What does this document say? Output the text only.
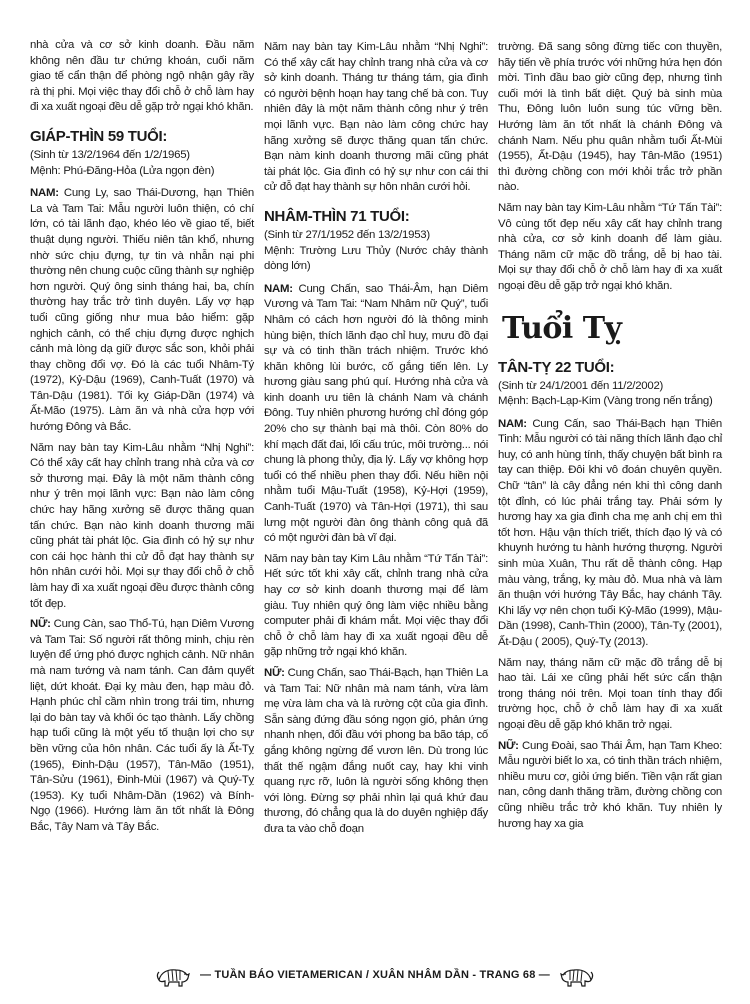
nhà cửa và cơ sở kinh doanh. Đầu năm không nên đầu tư chứng khoán, cuối năm giao tế cẩn thận để phòng ngộ nhận gây rầy rà thị phi. Mọi việc thay đổi chỗ ở chỗ làm hay đi xa xuất ngoại đều dễ gặp trở ngại khó khăn.

GIÁP-THÌN 59 TUỔI:

(Sinh từ 13/2/1964 đến 1/2/1965)

Mệnh: Phú-Đăng-Hỏa (Lửa ngọn đèn)

NAM: Cung Ly, sao Thái-Dương, hạn Thiên La và Tam Tai: Mẫu người luôn thiện, có chí lớn, có tài lãnh đạo, khéo léo về giao tế, biết thuật dụng người. Thiếu niên tân khổ, nhưng nhờ sức chịu đựng, tự tin và nhẫn nại phi thường nên chung cuộc cũng thành sự nghiệp hơn người. Quý ông sinh tháng hai, ba, chín thường hay trắc trở tình duyên. Lấy vợ hạp tuổi cũng giống như mua bảo hiểm: gặp nghịch cảnh, có thể chịu đựng được nghịch cảnh mà lòng dạ giữ được sắc son, khỏi phải thay chồng đổi vợ. Đó là các tuổi Nhâm-Tý (1972), Kỷ-Dậu (1969), Canh-Tuất (1970) và Tân-Dậu (1981). Tối kỵ Giáp-Dần (1974) và Ất-Mão (1975). Làm ăn và nhà cửa hợp với hướng Đông và Bắc.

Năm nay bàn tay Kim-Lâu nhằm “Nhị Nghi”: Có thể xây cất hay chỉnh trang nhà cửa và cơ sở thương mại. Đây là một năm thành công như ý trên mọi lãnh vực: Bạn nào làm công chức hay hãng xưởng sẽ được thăng quan tấn chức. Bạn nào kinh doanh thương mãi cũng phát tài phát lộc. Gia đình có hỷ sự như con cái học hành thi cử đỗ đạt hay thành sự hôn nhân cưới hỏi. Mọi sự thay đổi chỗ ở chỗ làm hay đi xa xuất ngoại đều được thành công tốt đẹp.

NỮ: Cung Càn, sao Thổ-Tú, hạn Diêm Vương và Tam Tai: Số người rất thông minh, chịu rèn luyện để ứng phó được nghịch cảnh. Nữ nhân mà nam tướng và nam tánh. Can đảm quyết liệt, dứt khoát. Đại kỵ màu đen, hạp màu đỏ. Hạnh phúc chỉ cầm nhìn trong trái tim, nhưng lại do bàn tay và khối óc tạo thành. Lấy chồng hạp tuổi cũng là một yếu tố thuận lợi cho sự bền vững của hôn nhân. Các tuổi ấy là Ất-Tỵ (1965), Đinh-Dậu (1957), Tân-Mão (1951), Tân-Sửu (1961), Đinh-Mùi (1967) và Quý-Tỵ (1953). Kỵ tuổi Nhâm-Dần (1962) và Bính-Ngọ (1966). Hướng làm ăn tốt nhất là Đông Bắc, Tây Nam và Tây Bắc.

Năm nay bàn tay Kim-Lâu nhằm “Nhị Nghi”: Có thể xây cất hay chỉnh trang nhà cửa và cơ sở kinh doanh. Tháng tư tháng tám, gia đình có người bệnh hoạn hay tang chế bà con. Tuy nhiên đây là một năm thành công như ý trên mọi lãnh vực. Bạn nào làm công chức hay hãng xưởng sẽ được thăng quan tấn chức. Bạn nàm kinh doanh thương mãi cũng phát tài phát lộc. Gia đình có hỷ sự như con cái thi cử đỗ đạt hay thành sự hôn nhân cưới hỏi.

NHÂM-THÌN 71 TUỔI:

(Sinh từ 27/1/1952 đến 13/2/1953)

Mệnh: Trường Lưu Thủy (Nước chảy thành dòng lớn)

NAM: Cung Chấn, sao Thái-Âm, hạn Diêm Vương và Tam Tai: “Nam Nhâm nữ Quý”, tuổi Nhâm có cách hơn người đó là thông minh hùng biện, thích lãnh đạo chỉ huy, mưu đồ đại sự và có tinh thần trách nhiệm. Trước khó khăn không lùi bước, cố gắng tiến lên. Ly hương giàu sang phú quí. Hướng nhà cửa và kinh doanh ưu tiên là chánh Nam và chánh Đông. Tuy nhiên phương hướng chỉ đóng góp 20% cho sự thành bại mà thôi. Còn 80% do khí mạch đất đai, lối cấu trúc, môi trường... nói chung là phong thủy, địa lý. Lấy vợ không hợp tuổi có thể nhiều phen thay đổi. Nếu hiền nội nhằm tuổi Mậu-Tuất (1958), Kỷ-Hợi (1959), Canh-Tuất (1970) và Tân-Hợi (1971), thì sau lưng một người đàn ông thành công quả đã có một người đàn bà vĩ đại.

Năm nay bàn tay Kim Lâu nhằm “Tứ Tấn Tài”: Hết sức tốt khi xây cất, chỉnh trang nhà cửa hay cơ sở kinh doanh thương mại để làm giàu. Tuy nhiên quý ông làm việc nhiều bằng computer phải đi khám mắt. Mọi việc thay đổi chỗ ở chỗ làm hay đi xa xuất ngoại đều dễ gặp những trở ngại khó khăn.

NỮ: Cung Chấn, sao Thái-Bạch, hạn Thiên La và Tam Tai: Nữ nhân mà nam tánh, vừa làm mẹ vừa làm cha và là rường cột của gia đình. Sẵn sàng đứng đầu sóng ngọn gió, phản ứng nhanh nhẹn, đối đầu với phong ba bão táp, cố gắng không ngừng để vươn lên. Dù trong lúc thất thế ngậm đắng nuốt cay, hay khi vinh quang rực rỡ, luôn là người sống không thẹn với lòng. Đừng sợ phải nhìn lại quá khứ đau thương, đó chẳng qua là do duyên nghiệp đẩy đưa ta vào chỗ đoạn

trường. Đã sang sông đừng tiếc con thuyền, hãy tiến về phía trước với những hứa hẹn đón mời. Tình đầu bao giờ cũng đẹp, nhưng tình cuối mới là tình bất diệt. Quý bà sinh mùa Thu, Đông luôn luôn sung túc vững bền. Hướng làm ăn tốt nhất là chánh Đông và chánh Nam. Nếu phu quân nhằm tuổi Ất-Mùi (1955), Ất-Dậu (1945), hay Tân-Mão (1951) thì đường chồng con mới khỏi trắc trở phần nào.

Năm nay bàn tay Kim-Lâu nhằm “Tứ Tấn Tài”: Vô cùng tốt đẹp nếu xây cất hay chỉnh trang nhà cửa, cơ sở kinh doanh để làm giàu. Tháng năm cữ mặc đồ trắng, dễ bị hao tài. Mọi sự thay đổi chỗ ở chỗ làm hay đi xa xuất ngoại đều dễ gặp trở ngại khó khăn.

Tuổi Tỵ
TÂN-TỴ 22 TUỔI:

(Sinh từ 24/1/2001 đến 11/2/2002)

Mệnh: Bạch-Lạp-Kim (Vàng trong nến trắng)

NAM: Cung Cấn, sao Thái-Bạch hạn Thiên Tinh: Mẫu người có tài năng thích lãnh đạo chỉ huy, có anh hùng tính, thấy chuyện bất bình ra tay can thiệp. Đôi khi vô đoán chuyên quyền. Chữ “tân” là cây đẳng nén khi thì công danh tột đỉnh, có lúc phải trắng tay. Phải sớm ly hương hay xa gia đình cha mẹ anh chị em thì tốt hơn. Hậu vận thích triết, thích đạo lý và có khuynh hướng tu hành hướng thượng. Người sinh mùa Xuân, Thu rất dễ thành công. Hạp màu vàng, trắng, kỵ màu đỏ. Mua nhà và làm ăn thuận với hướng Tây Bắc, hay chánh Tây. Khi lấy vợ nên chọn tuổi Kỷ-Mão (1999), Mậu-Dần (1998), Canh-Thìn (2000), Tân-Tỵ (2001), Ất-Dậu ( 2005), Quý-Tỵ (2013).

Năm nay, tháng năm cữ mặc đồ trắng dễ bị hao tài. Lái xe cũng phải hết sức cẩn thận trong tháng nói trên. Mọi toan tính thay đổi trường học, chỗ ở chỗ làm hay đi xa xuất ngoại đều dễ gặp khó khăn trở ngại.

NỮ: Cung Đoài, sao Thái Âm, hạn Tam Kheo: Mẫu người biết lo xa, có tinh thần trách nhiệm, nhiều mưu cơ, giỏi ứng biến. Tiền vận rất gian nan, công danh thăng trầm, đường chồng con cũng nhiều trắc trở khó khăn. Tuy nhiên ly hương hay xa gia

— TUẦN BÁO VIETAMERICAN / XUÂN NHÂM DẦN - TRANG 68 —
